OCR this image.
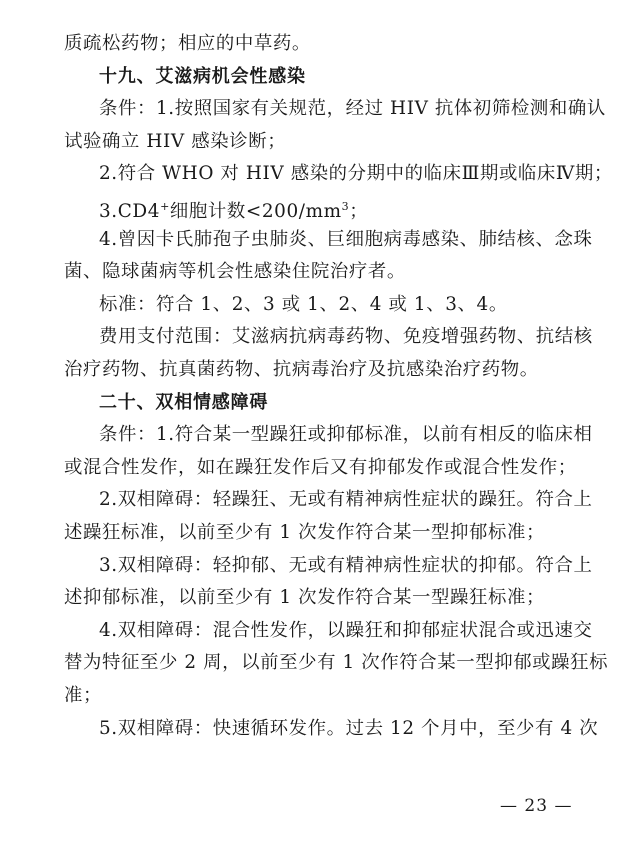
质疏松药物；相应的中草药。
十九、艾滋病机会性感染
条件：1.按照国家有关规范，经过 HIV 抗体初筛检测和确认
试验确立 HIV 感染诊断；
2.符合 WHO 对 HIV 感染的分期中的临床Ⅲ期或临床Ⅳ期；
3.CD4+细胞计数$<200/mm^3$；
4.曾因卡氏肺孢子虫肺炎、巨细胞病毒感染、肺结核、念珠
菌、隐球菌病等机会性感染住院治疗者。
标准：符合 1、2、3 或 1、2、4 或 1、3、4。
费用支付范围：艾滋病抗病毒药物、免疫增强药物、抗结核
治疗药物、抗真菌药物、抗病毒治疗及抗感染治疗药物。
二十、双相情感障碍
条件：1.符合某一型躁狂或抑郁标准，以前有相反的临床相
或混合性发作，如在躁狂发作后又有抑郁发作或混合性发作；
2.双相障碍：轻躁狂、无或有精神病性症状的躁狂。符合上
述躁狂标准，以前至少有 1 次发作符合某一型抑郁标准；
3.双相障碍：轻抑郁、无或有精神病性症状的抑郁。符合上
述抑郁标准，以前至少有 1 次发作符合某一型躁狂标准；
4.双相障碍：混合性发作，以躁狂和抑郁症状混合或迅速交
替为特征至少 2 周，以前至少有 1 次作符合某一型抑郁或躁狂标
准；
5.双相障碍：快速循环发作。过去 12 个月中，至少有 4 次
— 23 —
